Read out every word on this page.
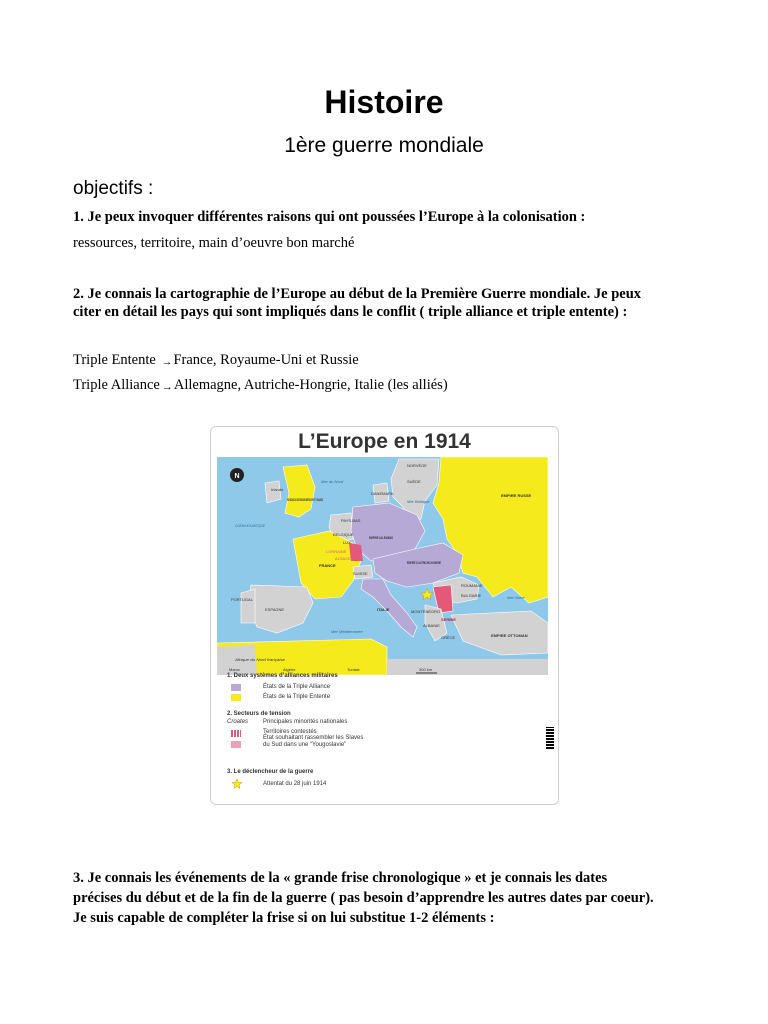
Histoire
1ère guerre mondiale
objectifs :
1. Je peux invoquer différentes raisons qui ont poussées l’Europe à la colonisation :
ressources, territoire, main d’oeuvre bon marché
2. Je connais la cartographie de l’Europe au début de la Première Guerre mondiale. Je peux
citer en détail les pays qui sont impliqués dans le conflit ( triple alliance et triple entente) :
Triple Entente →France, Royaume-Uni et Russie
Triple Alliance →Allemagne, Autriche-Hongrie, Italie (les alliés)
L’Europe en 1914
N
NORVÈGE
SUÈDE
EMPIRE RUSSE
Irlande
ROYAUME-UNI DE GRANDE-BRETAGNE ET D’IRLANDE
DANEMARK
PAYS-BAS
BELGIQUE
LUX.
EMPIRE ALLEMAND
LORRAINE
ALSACE
FRANCE
SUISSE
EMPIRE D’AUTRICHE-HONGRIE
ITALIE
ESPAGNE
PORTUGAL
ROUMANIE
BULGARIE
SERBIE
MONTÉNÉGRO
ALBANIE
GRÈCE	EMPIRE OTTOMAN
OCÉAN ATLANTIQUE
Mer du Nord
Mer Baltique
Mer Noire
Mer Méditerranée
Maroc	Algérie	Tunisie
Afrique du Nord française
300 km
1. Deux systèmes d’alliances militaires
États de la Triple Alliance
États de la Triple Entente
2. Secteurs de tension
Croates Principales minorités nationales
Territoires contestés
État souhaitant rassembler les Slaves
du Sud dans une “Yougoslavie”
3. Le déclencheur de la guerre
Attentat du 28 juin 1914
3. Je connais les événements de la « grande frise chronologique » et je connais les dates
précises du début et de la fin de la guerre ( pas besoin d’apprendre les autres dates par coeur).
Je suis capable de compléter la frise si on lui substitue 1-2 éléments :
